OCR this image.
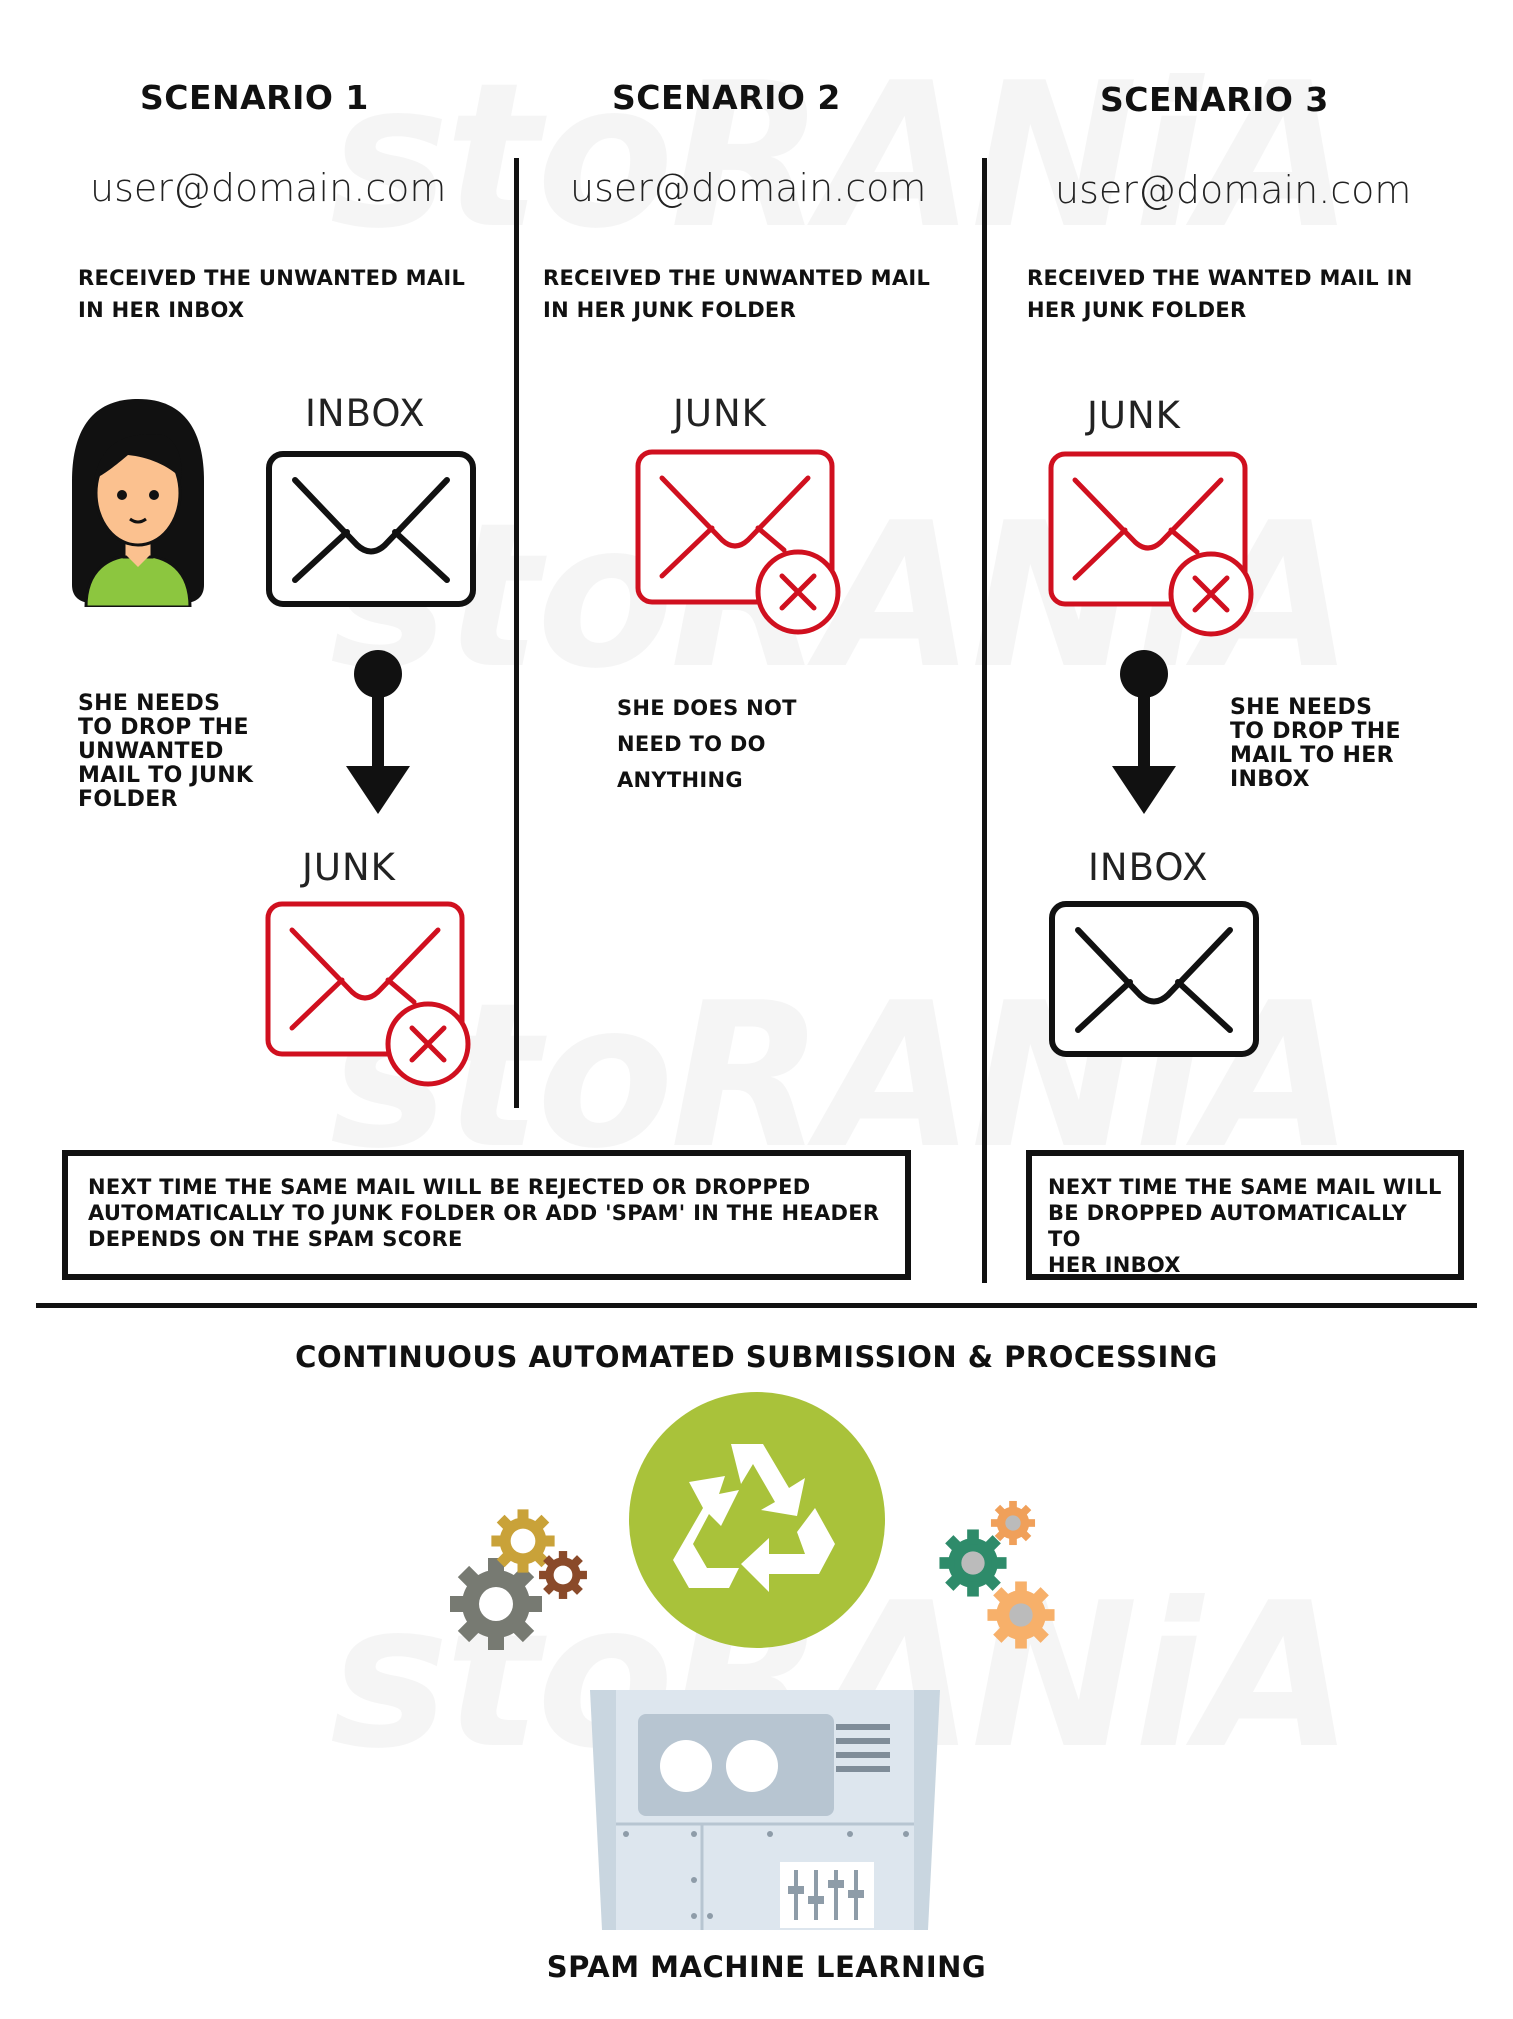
SCENARIO 1
user@domain.com
RECEIVED THE UNWANTED MAIL
IN HER INBOX
INBOX
SHE NEEDS
TO DROP THE
UNWANTED
MAIL TO JUNK
FOLDER
JUNK
SCENARIO 2
user@domain.com
RECEIVED THE UNWANTED MAIL
IN HER JUNK FOLDER
JUNK
SHE DOES NOT
NEED TO DO
ANYTHING
SCENARIO 3
user@domain.com
RECEIVED THE WANTED MAIL IN
HER JUNK FOLDER
JUNK
SHE NEEDS
TO DROP THE
MAIL TO HER
INBOX
INBOX
NEXT TIME THE SAME MAIL WILL BE REJECTED OR DROPPED
AUTOMATICALLY TO JUNK FOLDER OR ADD 'SPAM' IN THE HEADER
DEPENDS ON THE SPAM SCORE
NEXT TIME THE SAME MAIL WILL
BE DROPPED AUTOMATICALLY TO
HER INBOX
CONTINUOUS AUTOMATED SUBMISSION & PROCESSING
SPAM MACHINE LEARNING
